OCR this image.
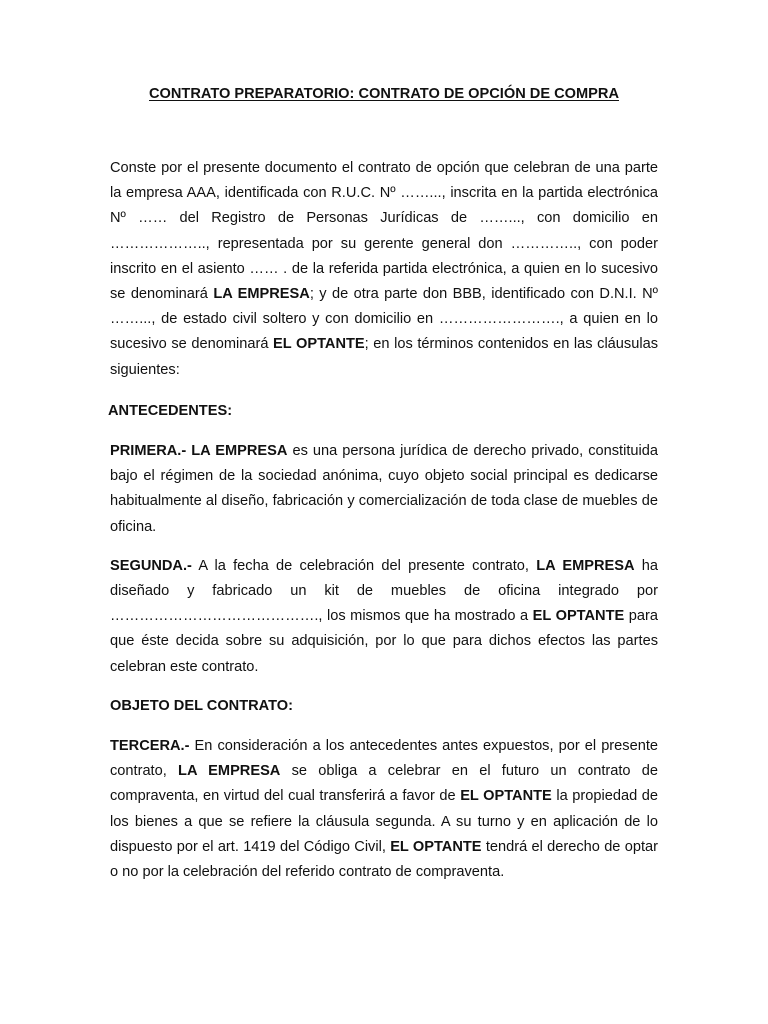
CONTRATO PREPARATORIO: CONTRATO DE OPCIÓN DE COMPRA

Conste por el presente documento el contrato de opción que celebran de una parte la empresa AAA, identificada con R.U.C. Nº ……..., inscrita en la partida electrónica Nº …… del Registro de Personas Jurídicas de ……..., con domicilio en ……………….., representada por su gerente general don ………….., con poder inscrito en el asiento …… . de la referida partida electrónica, a quien en lo sucesivo se denominará LA EMPRESA; y de otra parte don BBB, identificado con D.N.I. Nº ……..., de estado civil soltero y con domicilio en ……………………., a quien en lo sucesivo se denominará EL OPTANTE; en los términos contenidos en las cláusulas siguientes:

ANTECEDENTES:

PRIMERA.- LA EMPRESA es una persona jurídica de derecho privado, constituida bajo el régimen de la sociedad anónima, cuyo objeto social principal es dedicarse habitualmente al diseño, fabricación y comercialización de toda clase de muebles de oficina.

SEGUNDA.- A la fecha de celebración del presente contrato, LA EMPRESA ha diseñado y fabricado un kit de muebles de oficina integrado por ……………………………………., los mismos que ha mostrado a EL OPTANTE para que éste decida sobre su adquisición, por lo que para dichos efectos las partes celebran este contrato.

OBJETO DEL CONTRATO:

TERCERA.- En consideración a los antecedentes antes expuestos, por el presente contrato, LA EMPRESA se obliga a celebrar en el futuro un contrato de compraventa, en virtud del cual transferirá a favor de EL OPTANTE la propiedad de los bienes a que se refiere la cláusula segunda. A su turno y en aplicación de lo dispuesto por el art. 1419 del Código Civil, EL OPTANTE tendrá el derecho de optar o no por la celebración del referido contrato de compraventa.
